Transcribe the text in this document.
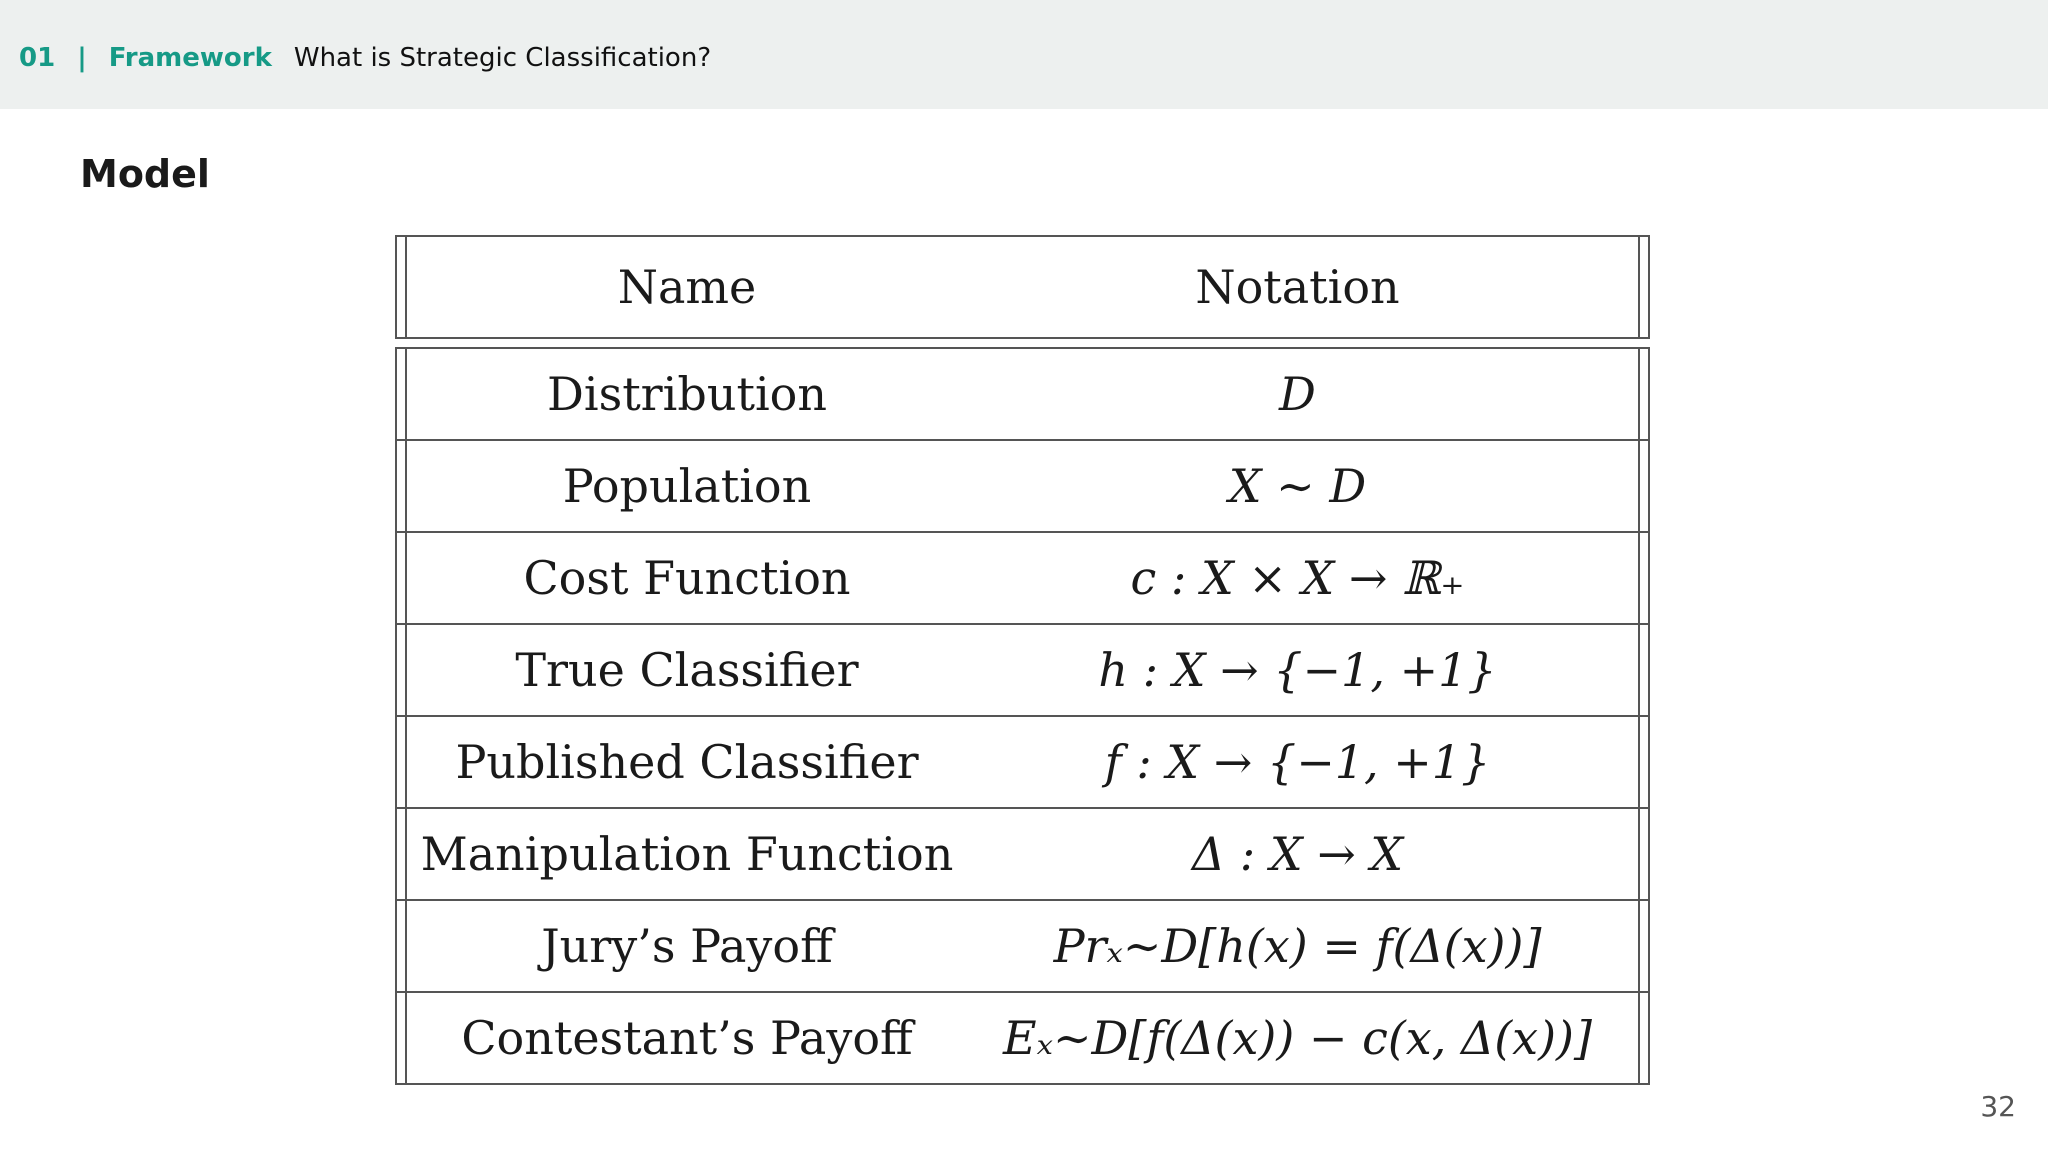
01 | Framework What is Strategic Classification?
Model
Name	Notation
Distribution	D
Population	X ∼ D
Cost Function	c : X × X → ℝ₊
True Classifier	h : X → {−1, +1}
Published Classifier	f : X → {−1, +1}
Manipulation Function	Δ : X → X
Jury’s Payoff	Prₓ∼D[h(x) = f(Δ(x))]
Contestant’s Payoff	Eₓ∼D[f(Δ(x)) − c(x, Δ(x))]
32
